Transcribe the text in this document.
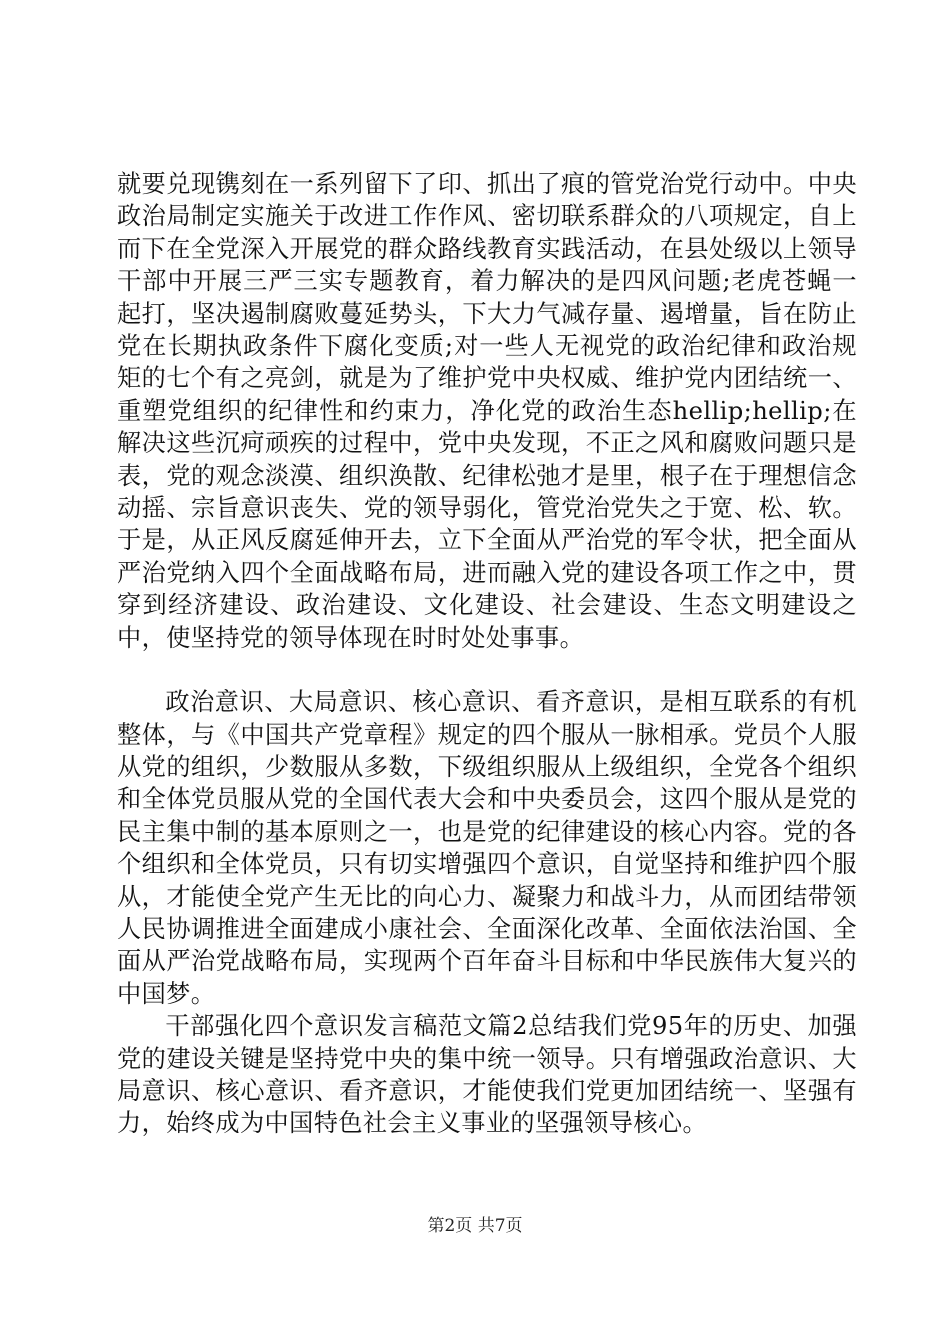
就要兑现镌刻在一系列留下了印、抓出了痕的管党治党行动中。中央政治局制定实施关于改进工作作风、密切联系群众的八项规定，自上而下在全党深入开展党的群众路线教育实践活动，在县处级以上领导干部中开展三严三实专题教育，着力解决的是四风问题;老虎苍蝇一起打，坚决遏制腐败蔓延势头，下大力气减存量、遏增量，旨在防止党在长期执政条件下腐化变质;对一些人无视党的政治纪律和政治规矩的七个有之亮剑，就是为了维护党中央权威、维护党内团结统一、重塑党组织的纪律性和约束力，净化党的政治生态hellip;hellip;在解决这些沉疴顽疾的过程中，党中央发现，不正之风和腐败问题只是表，党的观念淡漠、组织涣散、纪律松弛才是里，根子在于理想信念动摇、宗旨意识丧失、党的领导弱化，管党治党失之于宽、松、软。于是，从正风反腐延伸开去，立下全面从严治党的军令状，把全面从严治党纳入四个全面战略布局，进而融入党的建设各项工作之中，贯穿到经济建设、政治建设、文化建设、社会建设、生态文明建设之中，使坚持党的领导体现在时时处处事事。

政治意识、大局意识、核心意识、看齐意识，是相互联系的有机整体，与《中国共产党章程》规定的四个服从一脉相承。党员个人服从党的组织，少数服从多数，下级组织服从上级组织，全党各个组织和全体党员服从党的全国代表大会和中央委员会，这四个服从是党的民主集中制的基本原则之一，也是党的纪律建设的核心内容。党的各个组织和全体党员，只有切实增强四个意识，自觉坚持和维护四个服从，才能使全党产生无比的向心力、凝聚力和战斗力，从而团结带领人民协调推进全面建成小康社会、全面深化改革、全面依法治国、全面从严治党战略布局，实现两个百年奋斗目标和中华民族伟大复兴的中国梦。

干部强化四个意识发言稿范文篇2总结我们党95年的历史、加强党的建设关键是坚持党中央的集中统一领导。只有增强政治意识、大局意识、核心意识、看齐意识，才能使我们党更加团结统一、坚强有力，始终成为中国特色社会主义事业的坚强领导核心。

第2页 共7页
